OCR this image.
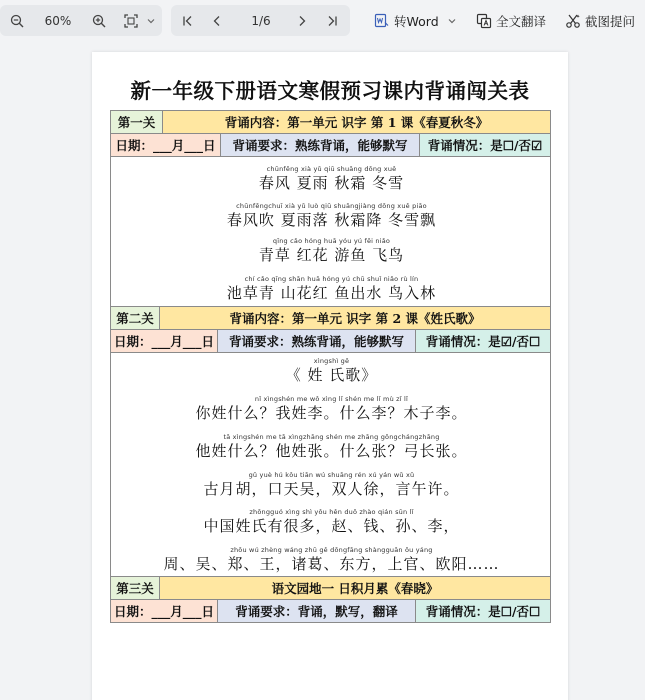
60%	1/6	转Word	全文翻译	截图提问
新一年级下册语文寒假预习课内背诵闯关表
第一关	背诵内容：第一单元 识字 第 1 课《春夏秋冬》
日期：___月___日	背诵要求：熟练背诵，能够默写	背诵情况：是☐/否☑
chūnfēng xià yǔ qiū shuāng dōng xuě
春风 夏雨 秋霜 冬雪
chūnfēngchuī xià yǔ luò qiū shuāngjiàng dōng xuě piāo
春风吹 夏雨落 秋霜降 冬雪飘
qīng cǎo hóng huā yóu yú fēi niǎo
青草 红花 游鱼 飞鸟
chí cǎo qīng shān huā hóng yú chū shuǐ niǎo rù lín
池草青 山花红 鱼出水 鸟入林
第二关	背诵内容：第一单元 识字 第 2 课《姓氏歌》
日期：___月___日	背诵要求：熟练背诵，能够默写	背诵情况：是☑/否☐
xìngshì gē
《 姓 氏歌》
nǐ xìngshén me wǒ xìng lǐ shén me lǐ mù zǐ lǐ
你姓什么？我姓李。什么李？木子李。
tā xìngshén me tā xìngzhāng shén me zhāng gōngchángzhāng
他姓什么？他姓张。什么张？弓长张。
gǔ yuè hú kǒu tiān wú shuāng rén xú yán wǔ xǔ
古月胡，口天吴，双人徐，言午许。
zhōngguó xìng shì yǒu hěn duō zhào qián sūn lǐ
中国姓氏有很多，赵、钱、孙、李，
zhōu wú zhèng wáng zhū gě dōngfāng shàngguān ōu yáng
周、吴、郑、王，诸葛、东方，上官、欧阳……
第三关	语文园地一 日积月累《春晓》
日期：___月___日	背诵要求：背诵，默写，翻译	背诵情况：是☐/否☐
